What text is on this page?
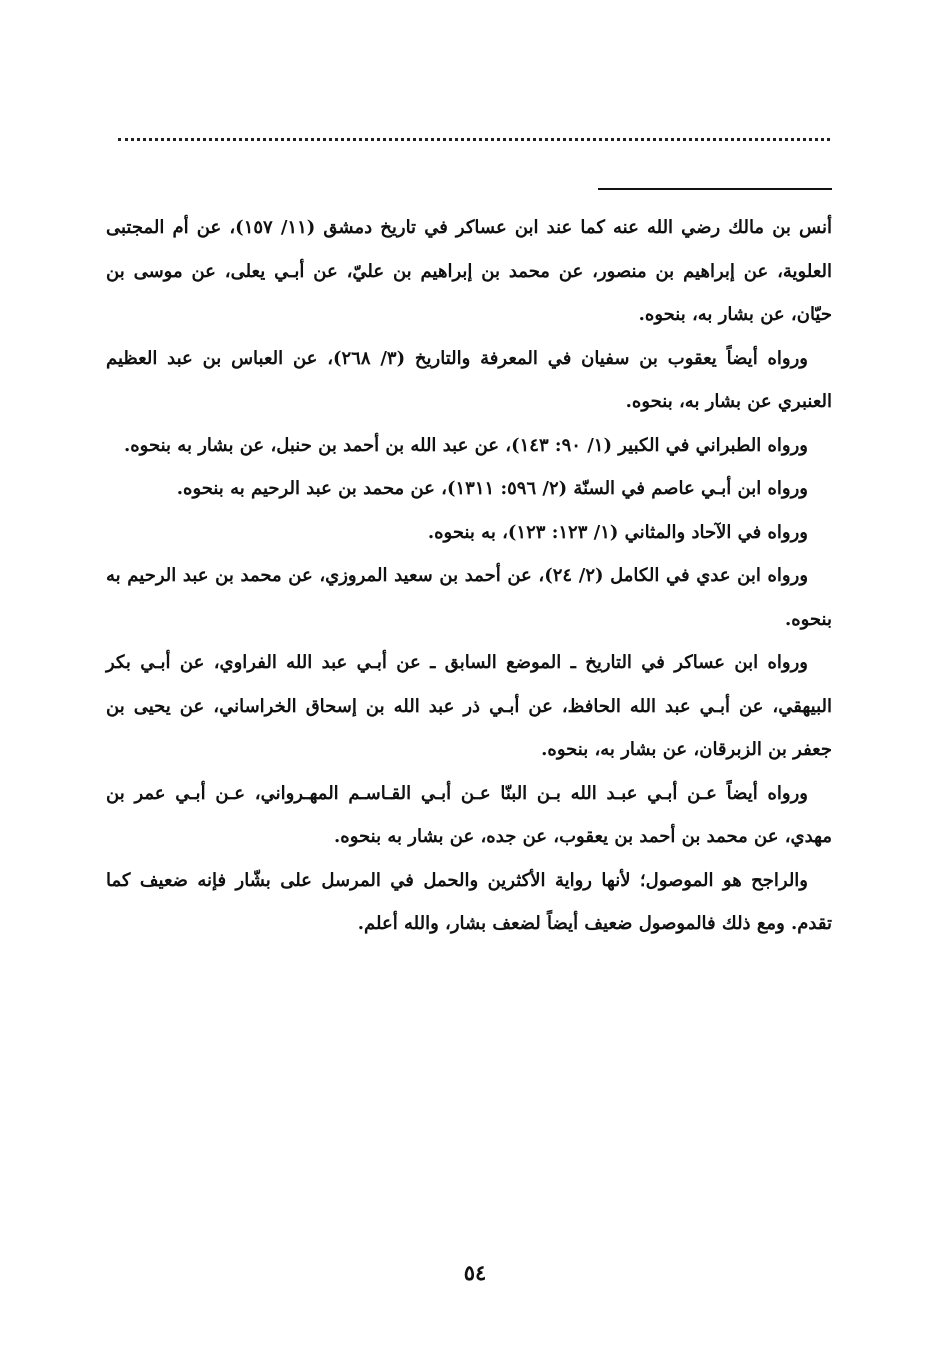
أنس بن مالك رضي الله عنه كما عند ابن عساكر في تاريخ دمشق (١١/ ١٥٧)، عن أم المجتبى العلوية، عن إبراهيم بن منصور، عن محمد بن إبراهيم بن عليّ، عن أبـي يعلى، عن موسى بن حيّان، عن بشار به، بنحوه.

ورواه أيضاً يعقوب بن سفيان في المعرفة والتاريخ (٣/ ٢٦٨)، عن العباس بن عبد العظيم العنبري عن بشار به، بنحوه.

ورواه الطبراني في الكبير (١/ ٩٠: ١٤٣)، عن عبد الله بن أحمد بن حنبل، عن بشار به بنحوه.

ورواه ابن أبـي عاصم في السنّة (٢/ ٥٩٦: ١٣١١)، عن محمد بن عبد الرحيم به بنحوه.

ورواه في الآحاد والمثاني (١/ ١٢٣: ١٢٣)، به بنحوه.

ورواه ابن عدي في الكامل (٢/ ٢٤)، عن أحمد بن سعيد المروزي، عن محمد بن عبد الرحيم به بنحوه.

ورواه ابن عساكر في التاريخ ـ الموضع السابق ـ عن أبـي عبد الله الفراوي، عن أبـي بكر البيهقي، عن أبـي عبد الله الحافظ، عن أبـي ذر عبد الله بن إسحاق الخراساني، عن يحيى بن جعفر بن الزبرقان، عن بشار به، بنحوه.

ورواه أيضاً عـن أبـي عبـد الله بـن البنّا عـن أبـي القـاسـم المهـرواني، عـن أبـي عمر بن مهدي، عن محمد بن أحمد بن يعقوب، عن جده، عن بشار به بنحوه.

والراجح هو الموصول؛ لأنها رواية الأكثرين والحمل في المرسل على بشّار فإنه ضعيف كما تقدم. ومع ذلك فالموصول ضعيف أيضاً لضعف بشار، والله أعلم.

٥٤
